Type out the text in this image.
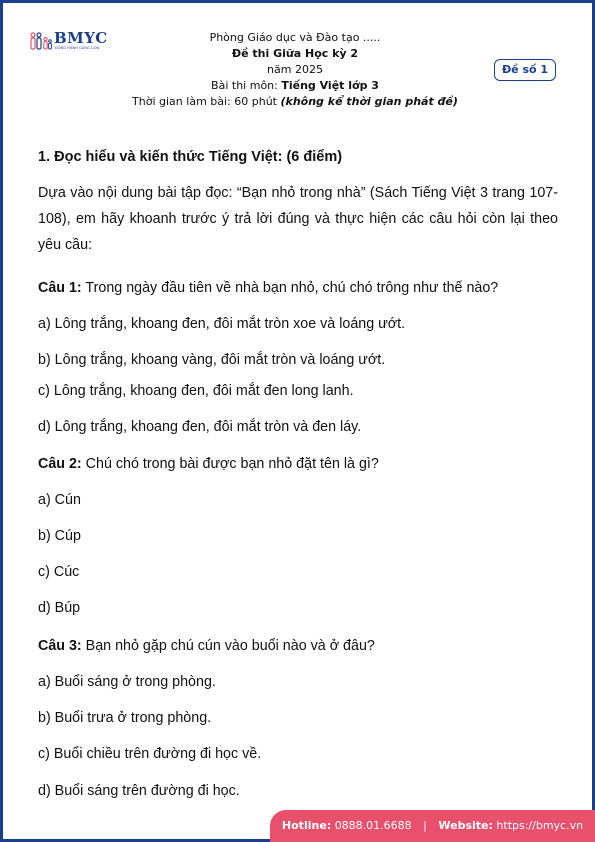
BMYC
ĐỒNG HÀNH CÙNG CON
Phòng Giáo dục và Đào tạo .....
Đề thi Giữa Học kỳ 2
năm 2025
Bài thi môn: Tiếng Việt lớp 3
Thời gian làm bài: 60 phút (không kể thời gian phát đề)
Đề số 1
1. Đọc hiểu và kiến thức Tiếng Việt: (6 điểm)
Dựa vào nội dung bài tập đọc: “Bạn nhỏ trong nhà” (Sách Tiếng Việt 3 trang 107-108), em hãy khoanh trước ý trả lời đúng và thực hiện các câu hỏi còn lại theo yêu cầu:
Câu 1: Trong ngày đầu tiên về nhà bạn nhỏ, chú chó trông như thế nào?
a) Lông trắng, khoang đen, đôi mắt tròn xoe và loáng ướt.
b) Lông trắng, khoang vàng, đôi mắt tròn và loáng ướt.
c) Lông trắng, khoang đen, đôi mắt đen long lanh.
d) Lông trắng, khoang đen, đôi mắt tròn và đen láy.
Câu 2: Chú chó trong bài được bạn nhỏ đặt tên là gì?
a) Cún
b) Cúp
c) Cúc
d) Búp
Câu 3: Bạn nhỏ gặp chú cún vào buổi nào và ở đâu?
a) Buổi sáng ở trong phòng.
b) Buổi trưa ở trong phòng.
c) Buổi chiều trên đường đi học về.
d) Buổi sáng trên đường đi học.
Hotline: 0888.01.6688 | Website: https://bmyc.vn
